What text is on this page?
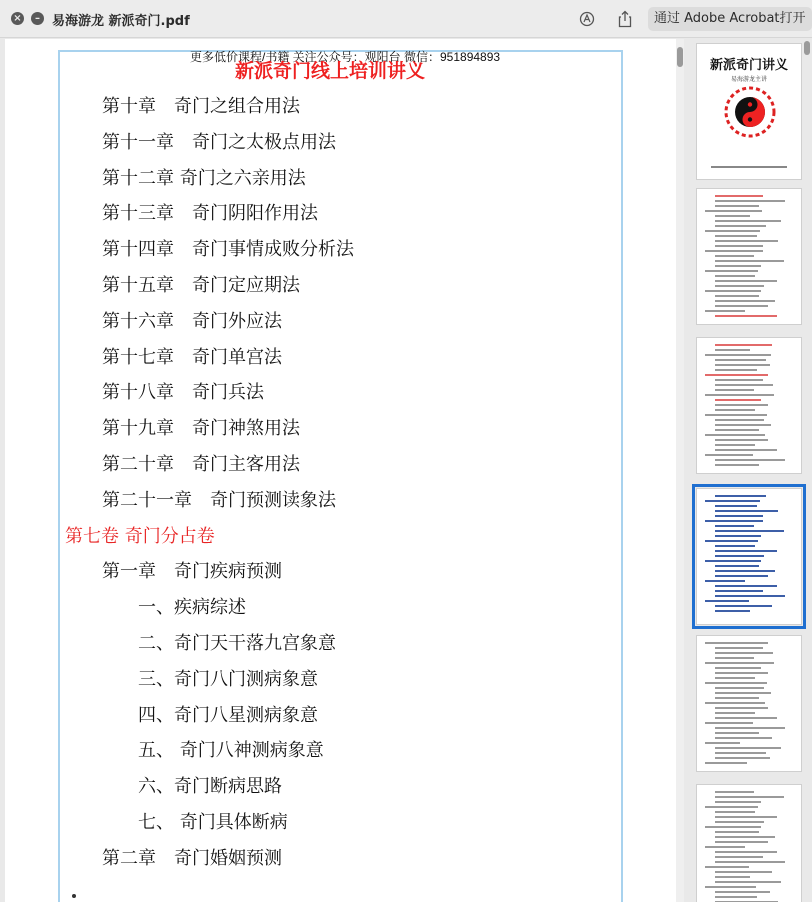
×	– 易海游龙 新派奇门.pdf	通过 Adobe Acrobat打开
更多低价课程/书籍 关注公众号：观阳台 微信：951894893
新派奇门线上培训讲义
第十章　奇门之组合用法
第十一章　奇门之太极点用法
第十二章 奇门之六亲用法
第十三章　奇门阴阳作用法
第十四章　奇门事情成败分析法
第十五章　奇门定应期法
第十六章　奇门外应法
第十七章　奇门单宫法
第十八章　奇门兵法
第十九章　奇门神煞用法
第二十章　奇门主客用法
第二十一章　奇门预测读象法
第七卷 奇门分占卷
第一章　奇门疾病预测
一、疾病综述
二、奇门天干落九宫象意
三、奇门八门测病象意
四、奇门八星测病象意
五、 奇门八神测病象意
六、奇门断病思路
七、 奇门具体断病
第二章　奇门婚姻预测
新派奇门讲义
易海游龙主讲
